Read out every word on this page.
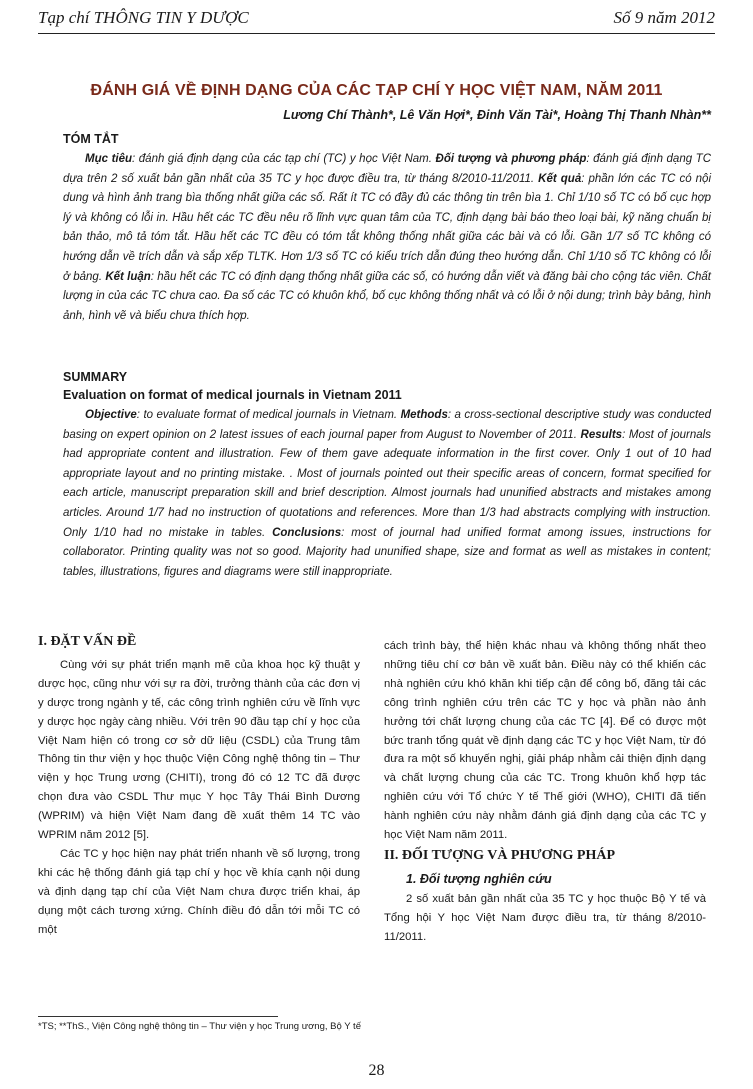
Tạp chí THÔNG TIN Y DƯỢC	Số 9 năm 2012
ĐÁNH GIÁ VỀ ĐỊNH DẠNG CỦA CÁC TẠP CHÍ Y HỌC VIỆT NAM, NĂM 2011
Lương Chí Thành*, Lê Văn Hợi*, Đinh Văn Tài*, Hoàng Thị Thanh Nhàn**
TÓM TẮT
Mục tiêu: đánh giá định dạng của các tạp chí (TC) y học Việt Nam. Đối tượng và phương pháp: đánh giá định dạng TC dựa trên 2 số xuất bản gần nhất của 35 TC y học được điều tra, từ tháng 8/2010-11/2011. Kết quả: phần lớn các TC có nội dung và hình ảnh trang bìa thống nhất giữa các số. Rất ít TC có đầy đủ các thông tin trên bìa 1. Chỉ 1/10 số TC có bố cục hợp lý và không có lỗi in. Hầu hết các TC đều nêu rõ lĩnh vực quan tâm của TC, định dạng bài báo theo loại bài, kỹ năng chuẩn bị bản thảo, mô tả tóm tắt. Hầu hết các TC đều có tóm tắt không thống nhất giữa các bài và có lỗi. Gần 1/7 số TC không có hướng dẫn về trích dẫn và sắp xếp TLTK. Hơn 1/3 số TC có kiểu trích dẫn đúng theo hướng dẫn. Chỉ 1/10 số TC không có lỗi ở bảng. Kết luận: hầu hết các TC có định dạng thống nhất giữa các số, có hướng dẫn viết và đăng bài cho cộng tác viên. Chất lượng in của các TC chưa cao. Đa số các TC có khuôn khổ, bố cục không thống nhất và có lỗi ở nội dung; trình bày bảng, hình ảnh, hình vẽ và biểu chưa thích hợp.
SUMMARY
Evaluation on format of medical journals in Vietnam 2011
Objective: to evaluate format of medical journals in Vietnam. Methods: a cross-sectional descriptive study was conducted basing on expert opinion on 2 latest issues of each journal paper from August to November of 2011. Results: Most of journals had appropriate content and illustration. Few of them gave adequate information in the first cover. Only 1 out of 10 had appropriate layout and no printing mistake. . Most of journals pointed out their specific areas of concern, format specified for each article, manuscript preparation skill and brief description. Almost journals had ununified abstracts and mistakes among articles. Around 1/7 had no instruction of quotations and references. More than 1/3 had abstracts complying with instruction. Only 1/10 had no mistake in tables. Conclusions: most of journal had unified format among issues, instructions for collaborator. Printing quality was not so good. Majority had ununified shape, size and format as well as mistakes in content; tables, illustrations, figures and diagrams were still inappropriate.
I. ĐẶT VẤN ĐỀ

Cùng với sự phát triển mạnh mẽ của khoa học kỹ thuật y dược học, cũng như với sự ra đời, trưởng thành của các đơn vị y dược trong ngành y tế, các công trình nghiên cứu về lĩnh vực y dược học ngày càng nhiều. Với trên 90 đầu tạp chí y học của Việt Nam hiện có trong cơ sở dữ liệu (CSDL) của Trung tâm Thông tin thư viện y học thuộc Viện Công nghệ thông tin – Thư viện y học Trung ương (CHITI), trong đó có 12 TC đã được chọn đưa vào CSDL Thư mục Y học Tây Thái Bình Dương (WPRIM) và hiện Việt Nam đang đề xuất thêm 14 TC vào WPRIM năm 2012 [5].

Các TC y học hiện nay phát triển nhanh về số lượng, trong khi các hệ thống đánh giá tạp chí y học về khía cạnh nội dung và định dạng tạp chí của Việt Nam chưa được triển khai, áp dụng một cách tương xứng. Chính điều đó dẫn tới mỗi TC có một

cách trình bày, thể hiện khác nhau và không thống nhất theo những tiêu chí cơ bản về xuất bản. Điều này có thể khiến các nhà nghiên cứu khó khăn khi tiếp cận để công bố, đăng tải các công trình nghiên cứu trên các TC y học và phần nào ảnh hưởng tới chất lượng chung của các TC [4]. Để có được một bức tranh tổng quát về định dạng các TC y học Việt Nam, từ đó đưa ra một số khuyến nghị, giải pháp nhằm cải thiện định dạng và chất lượng chung của các TC. Trong khuôn khổ hợp tác nghiên cứu với Tổ chức Y tế Thế giới (WHO), CHITI đã tiến hành nghiên cứu này nhằm đánh giá định dạng của các TC y học Việt Nam năm 2011.

II. ĐỐI TƯỢNG VÀ PHƯƠNG PHÁP
1. Đối tượng nghiên cứu

2 số xuất bản gần nhất của 35 TC y học thuộc Bộ Y tế và Tổng hội Y học Việt Nam được điều tra, từ tháng 8/2010-11/2011.

*TS; **ThS., Viện Công nghệ thông tin – Thư viện y học Trung ương, Bộ Y tế
28
